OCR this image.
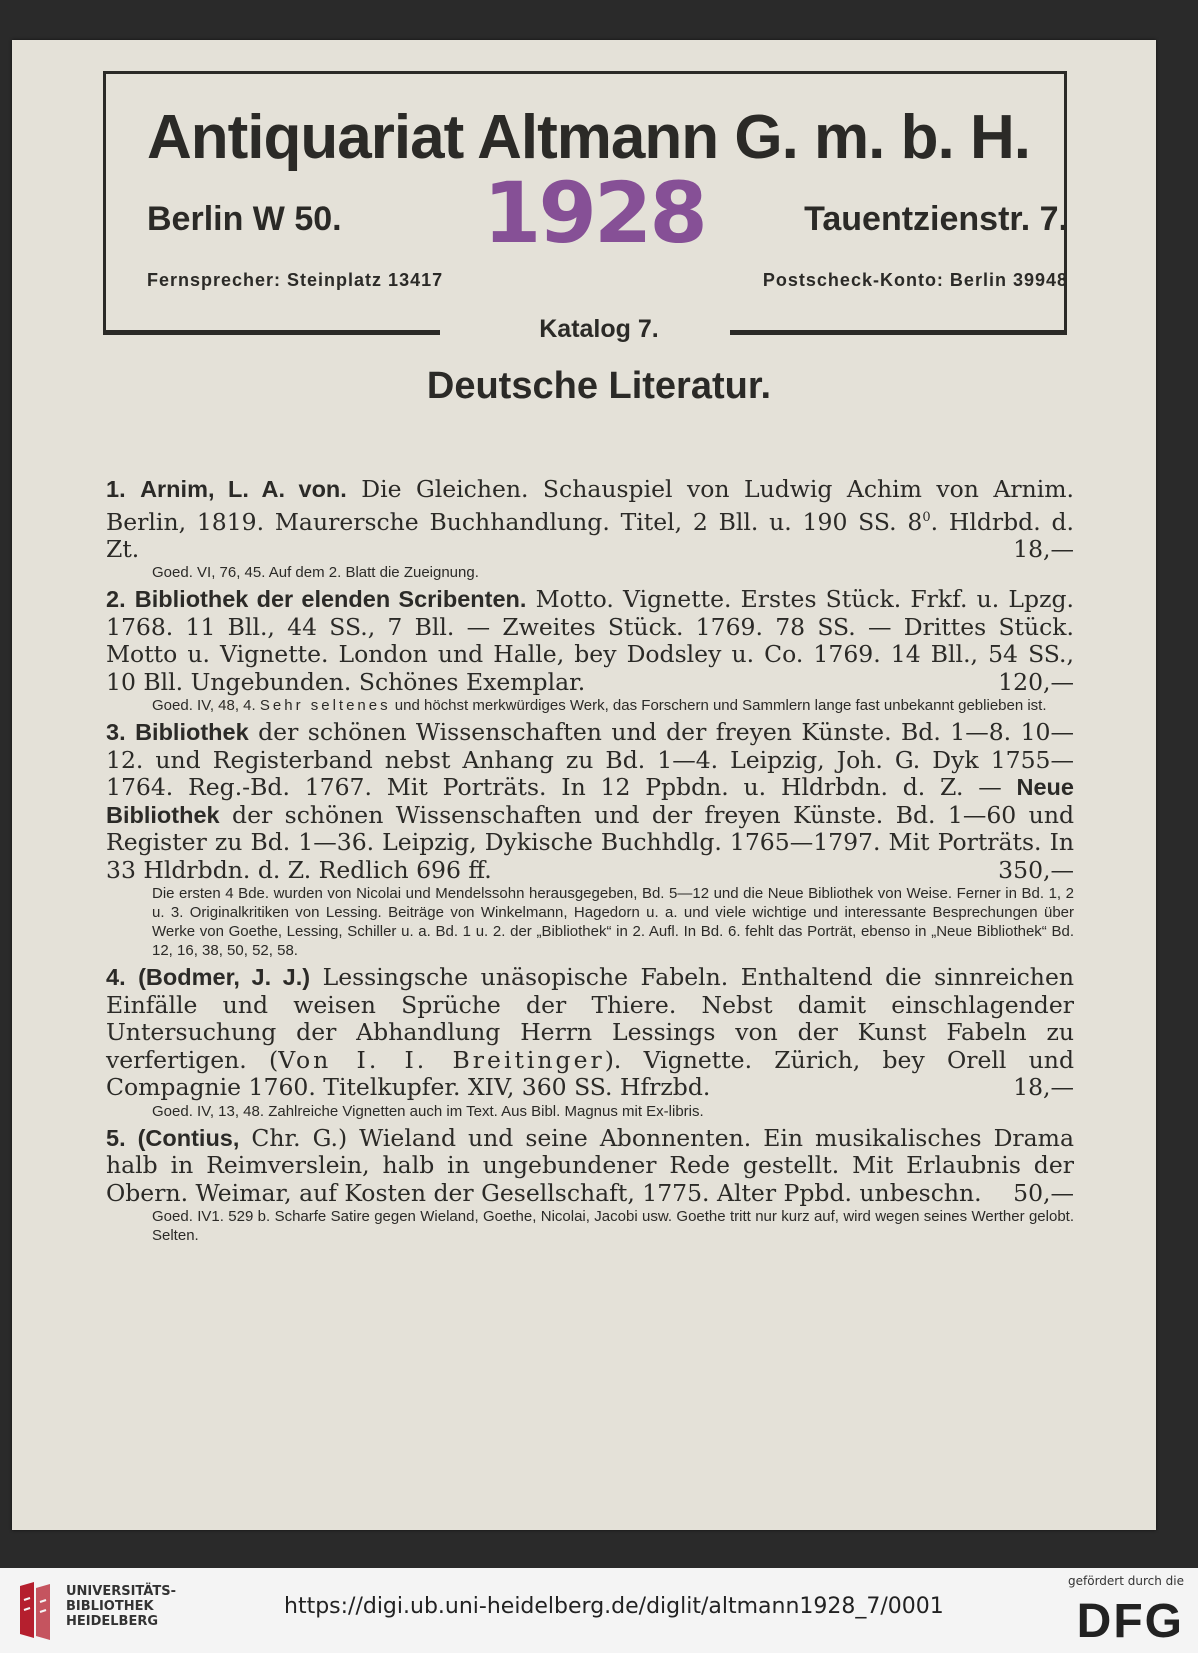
Antiquariat Altmann G. m. b. H.
Berlin W 50.	Tauentzienstr. 7.
1928
Fernsprecher: Steinplatz 13417	Postscheck-Konto: Berlin 39948
Katalog 7.
Deutsche Literatur.

1. Arnim, L. A. von. Die Gleichen. Schauspiel von Ludwig Achim von Arnim. Berlin, 1819. Maurersche Buchhandlung. Titel, 2 Bll. u. 190 SS. $8^0$. Hldrbd. d. Zt.	18,—

Goed. VI, 76, 45. Auf dem 2. Blatt die Zueignung.

2. Bibliothek der elenden Scribenten. Motto. Vignette. Erstes Stück. Frkf. u. Lpzg. 1768. 11 Bll., 44 SS., 7 Bll. — Zweites Stück. 1769. 78 SS. — Drittes Stück. Motto u. Vignette. London und Halle, bey Dodsley u. Co. 1769. 14 Bll., 54 SS., 10 Bll. Ungebunden. Schönes Exemplar.	120,—

Goed. IV, 48, 4. Sehr seltenes und höchst merkwürdiges Werk, das Forschern und Sammlern lange fast unbekannt geblieben ist.

3. Bibliothek der schönen Wissenschaften und der freyen Künste. Bd. 1—8. 10—12. und Registerband nebst Anhang zu Bd. 1—4. Leipzig, Joh. G. Dyk 1755—1764. Reg.-Bd. 1767. Mit Porträts. In 12 Ppbdn. u. Hldrbdn. d. Z. — Neue Bibliothek der schönen Wissenschaften und der freyen Künste. Bd. 1—60 und Register zu Bd. 1—36. Leipzig, Dykische Buchhdlg. 1765—1797. Mit Porträts. In 33 Hldrbdn. d. Z. Redlich 696 ff.	350,—

Die ersten 4 Bde. wurden von Nicolai und Mendelssohn herausgegeben, Bd. 5—12 und die Neue Bibliothek von Weise. Ferner in Bd. 1, 2 u. 3. Originalkritiken von Lessing. Beiträge von Winkelmann, Hagedorn u. a. und viele wichtige und interessante Besprechungen über Werke von Goethe, Lessing, Schiller u. a. Bd. 1 u. 2. der „Bibliothek“ in 2. Aufl. In Bd. 6. fehlt das Porträt, ebenso in „Neue Bibliothek“ Bd. 12, 16, 38, 50, 52, 58.

4. (Bodmer, J. J.) Lessingsche unäsopische Fabeln. Enthaltend die sinnreichen Einfälle und weisen Sprüche der Thiere. Nebst damit einschlagender Untersuchung der Abhandlung Herrn Lessings von der Kunst Fabeln zu verfertigen. (Von I. I. Breitinger). Vignette. Zürich, bey Orell und Compagnie 1760. Titelkupfer. XIV, 360 SS. Hfrzbd.	18,—

Goed. IV, 13, 48. Zahlreiche Vignetten auch im Text. Aus Bibl. Magnus mit Ex-libris.

5. (Contius, Chr. G.) Wieland und seine Abonnenten. Ein musikalisches Drama halb in Reimverslein, halb in ungebundener Rede gestellt. Mit Erlaubnis der Obern. Weimar, auf Kosten der Gesellschaft, 1775. Alter Ppbd. unbeschn. 50,—

Goed. IV1. 529 b. Scharfe Satire gegen Wieland, Goethe, Nicolai, Jacobi usw. Goethe tritt nur kurz auf, wird wegen seines Werther gelobt. Selten.

UNIVERSITÄTS-
BIBLIOTHEK
HEIDELBERG
https://digi.ub.uni-heidelberg.de/diglit/altmann1928_7/0001
gefördert durch die
DFG
